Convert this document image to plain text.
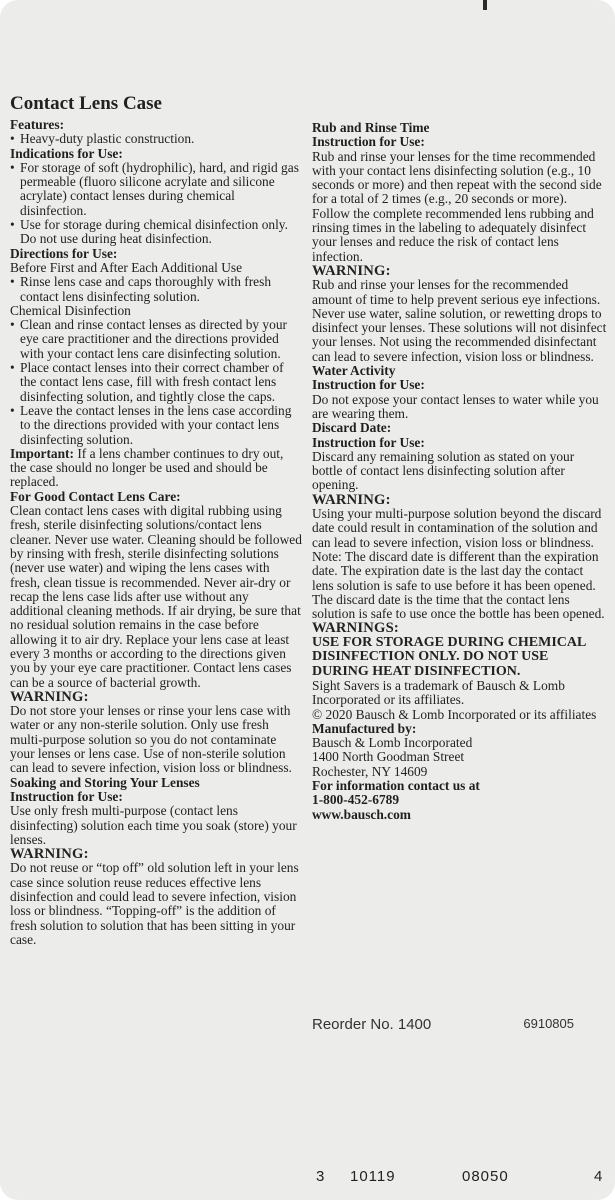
Contact Lens Case

Features:

• Heavy-duty plastic construction.

Indications for Use:

• For storage of soft (hydrophilic), hard, and rigid gas permeable (fluoro silicone acrylate and silicone acrylate) contact lenses during chemical disinfection.
• Use for storage during chemical disinfection only. Do not use during heat disinfection.

Directions for Use:

Before First and After Each Additional Use

• Rinse lens case and caps thoroughly with fresh contact lens disinfecting solution.

Chemical Disinfection

• Clean and rinse contact lenses as directed by your eye care practitioner and the directions provided with your contact lens care disinfecting solution.
• Place contact lenses into their correct chamber of the contact lens case, fill with fresh contact lens disinfecting solution, and tightly close the caps.
• Leave the contact lenses in the lens case according to the directions provided with your contact lens disinfecting solution.

Important: If a lens chamber continues to dry out, the case should no longer be used and should be replaced.

For Good Contact Lens Care:

Clean contact lens cases with digital rubbing using fresh, sterile disinfecting solutions/contact lens cleaner. Never use water. Cleaning should be followed by rinsing with fresh, sterile disinfecting solutions (never use water) and wiping the lens cases with fresh, clean tissue is recommended. Never air-dry or recap the lens case lids after use without any additional cleaning methods. If air drying, be sure that no residual solution remains in the case before allowing it to air dry. Replace your lens case at least every 3 months or according to the directions given you by your eye care practitioner. Contact lens cases can be a source of bacterial growth.

WARNING:

Do not store your lenses or rinse your lens case with water or any non-sterile solution. Only use fresh multi-purpose solution so you do not contaminate your lenses or lens case. Use of non-sterile solution can lead to severe infection, vision loss or blindness.

Soaking and Storing Your Lenses

Instruction for Use:

Use only fresh multi-purpose (contact lens disinfecting) solution each time you soak (store) your lenses.

WARNING:

Do not reuse or “top off” old solution left in your lens case since solution reuse reduces effective lens disinfection and could lead to severe infection, vision loss or blindness. “Topping-off” is the addition of fresh solution to solution that has been sitting in your case.

Rub and Rinse Time

Instruction for Use:

Rub and rinse your lenses for the time recommended with your contact lens disinfecting solution (e.g., 10 seconds or more) and then repeat with the second side for a total of 2 times (e.g., 20 seconds or more). Follow the complete recommended lens rubbing and rinsing times in the labeling to adequately disinfect your lenses and reduce the risk of contact lens infection.

WARNING:

Rub and rinse your lenses for the recommended amount of time to help prevent serious eye infections. Never use water, saline solution, or rewetting drops to disinfect your lenses. These solutions will not disinfect your lenses. Not using the recommended disinfectant can lead to severe infection, vision loss or blindness.

Water Activity

Instruction for Use:

Do not expose your contact lenses to water while you are wearing them.

Discard Date:

Instruction for Use:

Discard any remaining solution as stated on your bottle of contact lens disinfecting solution after opening.

WARNING:

Using your multi-purpose solution beyond the discard date could result in contamination of the solution and can lead to severe infection, vision loss or blindness.

Note: The discard date is different than the expiration date. The expiration date is the last day the contact lens solution is safe to use before it has been opened. The discard date is the time that the contact lens solution is safe to use once the bottle has been opened.

WARNINGS:

USE FOR STORAGE DURING CHEMICAL DISINFECTION ONLY. DO NOT USE DURING HEAT DISINFECTION.

Sight Savers is a trademark of Bausch & Lomb Incorporated or its affiliates.

© 2020 Bausch & Lomb Incorporated or its affiliates

Manufactured by:

Bausch & Lomb Incorporated

1400 North Goodman Street

Rochester, NY 14609

For information contact us at

1-800-452-6789

www.bausch.com

Reorder No. 1400	6910805
3 10119	08050	4
